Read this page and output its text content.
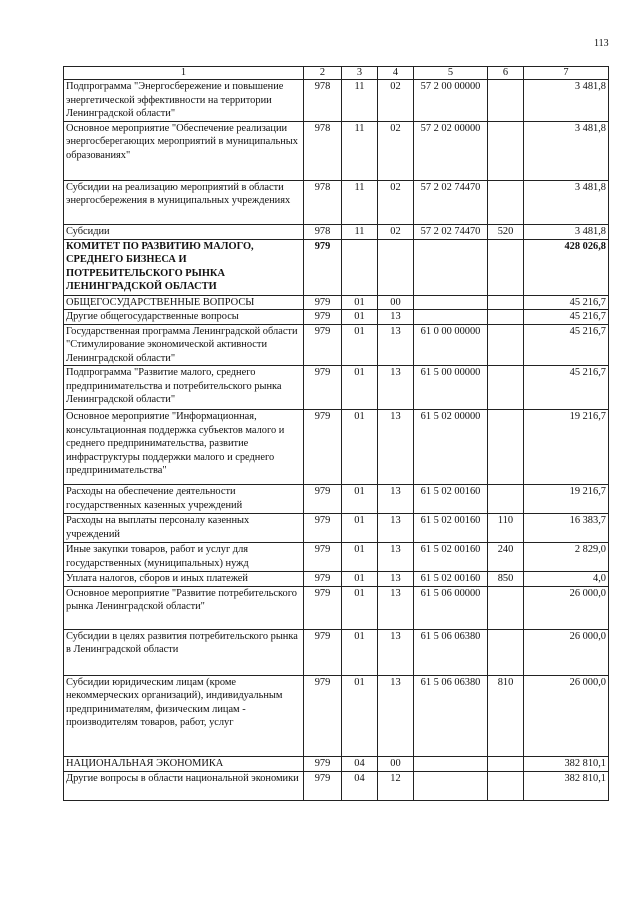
113
1	2	3	4	5	6	7
Подпрограмма "Энергосбережение и повышение энергетической эффективности на территории Ленинградской области"	978	11	02	57 2 00 00000		3 481,8
Основное мероприятие "Обеспечение реализации энергосберегающих мероприятий в муниципальных образованиях"	978	11	02	57 2 02 00000		3 481,8
Субсидии на реализацию мероприятий в области энергосбережения в муниципальных учреждениях	978	11	02	57 2 02 74470		3 481,8
Субсидии	978	11	02	57 2 02 74470	520	3 481,8
КОМИТЕТ ПО РАЗВИТИЮ МАЛОГО, СРЕДНЕГО БИЗНЕСА И ПОТРЕБИТЕЛЬСКОГО РЫНКА ЛЕНИНГРАДСКОЙ ОБЛАСТИ	979					428 026,8
ОБЩЕГОСУДАРСТВЕННЫЕ ВОПРОСЫ	979	01	00			45 216,7
Другие общегосударственные вопросы	979	01	13			45 216,7
Государственная программа Ленинградской области "Стимулирование экономической активности Ленинградской области"	979	01	13	61 0 00 00000		45 216,7
Подпрограмма "Развитие малого, среднего предпринимательства и потребительского рынка Ленинградской области"	979	01	13	61 5 00 00000		45 216,7
Основное мероприятие "Информационная, консультационная поддержка субъектов малого и среднего предпринимательства, развитие инфраструктуры поддержки малого и среднего предпринимательства"	979	01	13	61 5 02 00000		19 216,7
Расходы на обеспечение деятельности государственных казенных учреждений	979	01	13	61 5 02 00160		19 216,7
Расходы на выплаты персоналу казенных учреждений	979	01	13	61 5 02 00160	110	16 383,7
Иные закупки товаров, работ и услуг для государственных (муниципальных) нужд	979	01	13	61 5 02 00160	240	2 829,0
Уплата налогов, сборов и иных платежей	979	01	13	61 5 02 00160	850	4,0
Основное мероприятие "Развитие потребительского рынка Ленинградской области"	979	01	13	61 5 06 00000		26 000,0
Субсидии в целях развития потребительского рынка в Ленинградской области	979	01	13	61 5 06 06380		26 000,0
Субсидии юридическим лицам (кроме некоммерческих организаций), индивидуальным предпринимателям, физическим лицам - производителям товаров, работ, услуг	979	01	13	61 5 06 06380	810	26 000,0
НАЦИОНАЛЬНАЯ ЭКОНОМИКА	979	04	00			382 810,1
Другие вопросы в области национальной экономики	979	04	12			382 810,1
